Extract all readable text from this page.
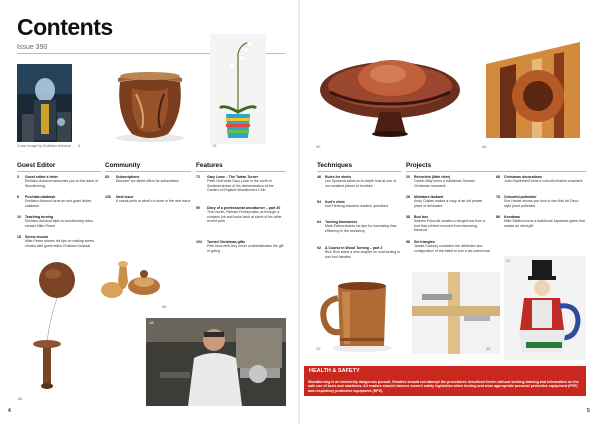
Contents
Issue 390
Cover image by Emiliano Achaval 6	78
Guest Editor	Community	Features
3 Guest editor's letter
Emiliano Achaval welcomes you to this issue of Woodturning
6 Pu'uhala calabash
Emiliano Achaval turns an end-grain lidded calabash
10 Teaching turning
Emiliano Achaval talks to woodturning video creator Mike Peace
18 Screw chucks
Mike Peace shares his tips on making screw chucks with guest editor Emiliano Achaval
83 Subscriptions
Discover our latest offers for subscribers
100 Next issue
A sneak peek at what's in store in the next issue
72 Gary Lowe – The Tartan Turner
Peter Holt visits Gary Lowe in the north of Scotland ahead of his demonstration at the Garden of England Woodturners Club
90 Diary of a professional woodturner – part 30
This month, Richard Findley talks us through a complex job and looks back at some of his other recent work
104 Turned Christmas gifts
Pete Moncrieff-Jury never underestimates the gift of giving
86
58
18
4
56	68
Techniques	Projects
46 Rules for steels
Les Symonds takes an in-depth look at one of our smallest pieces of furniture
54 Kurt's clinic
Kurt Hertzog answers readers' questions
64 Turning timesavers
Mark Palma shares his tips for increasing time efficiency in the workshop
92 A Course in Wood Turning – part 2
Rick Rich starts a new chapter on oval turning to turn tool handles
20 Reinerlein (little rider)
Colwin Way forms a traditional German Christmas ornament
28 Miniature tankard
Andy Coates makes a copy of an old pewter piece of drinkware
38 Burl box
Andrew Potocnik creates a winged box from a burl that a friend rescued from becoming firewood
58 Six triangles
James Duxbury considers the attributes and configuration of the blank to turn a six-sided bowl
68 Christmas decorations
John Hawtrewell turns a colourful festive ornament
78 Colourful potholder
Sue Harker shows you how to turn this Art Deco-style plant potholder
86 Kendama
Mike Stafford turns a traditional Japanese game that makes an ideal gift
28	46
20
HEALTH & SAFETY
Woodturning is an inherently dangerous pursuit. Readers should not attempt the procedures described herein without seeking training and information on the safe use of tools and machines. All readers should observe current safety legislation when turning and wear appropriate personal protective equipment (PPE) and respiratory protective equipment (RPE).
5
